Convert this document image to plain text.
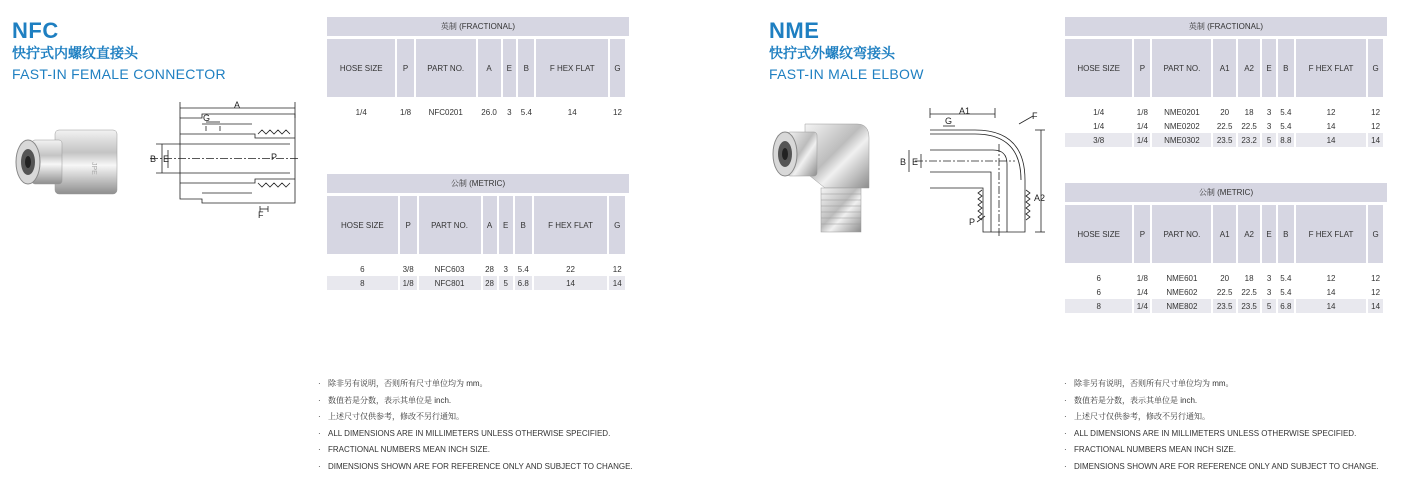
NFC
快拧式内螺纹直接头
FAST-IN FEMALE CONNECTOR
JPE
A
G
B E	P
F
英制 (FRACTIONAL)
HOSE SIZE	P	PART NO.	A	E	B	F HEX FLAT	G

1/4	1/8	NFC0201	26.0	3	5.4	14	12
公制 (METRIC)
HOSE SIZE	P	PART NO.	A	E	B	F HEX FLAT	G

6	3/8	NFC603	28	3	5.4	22	12
8	1/8	NFC801	28	5	6.8	14	14
· 除非另有说明，否则所有尺寸单位均为 mm。
· 数值若是分数，表示其单位是 inch.
· 上述尺寸仅供参考，修改不另行通知。
· ALL DIMENSIONS ARE IN MILLIMETERS UNLESS OTHERWISE SPECIFIED.
· FRACTIONAL NUMBERS MEAN INCH SIZE.
· DIMENSIONS SHOWN ARE FOR REFERENCE ONLY AND SUBJECT TO CHANGE.
NME
快拧式外螺纹弯接头
FAST-IN MALE ELBOW
A1
A2
G
B E
P
F
英制 (FRACTIONAL)
HOSE SIZE	P	PART NO.	A1	A2	E	B	F HEX FLAT	G

1/4	1/8	NME0201	20	18	3	5.4	12	12
1/4	1/4	NME0202	22.5	22.5	3	5.4	14	12
3/8	1/4	NME0302	23.5	23.2	5	8.8	14	14
公制 (METRIC)
HOSE SIZE	P	PART NO.	A1	A2	E	B	F HEX FLAT	G

6	1/8	NME601	20	18	3	5.4	12	12
6	1/4	NME602	22.5	22.5	3	5.4	14	12
8	1/4	NME802	23.5	23.5	5	6.8	14	14
· 除非另有说明，否则所有尺寸单位均为 mm。
· 数值若是分数，表示其单位是 inch.
· 上述尺寸仅供参考，修改不另行通知。
· ALL DIMENSIONS ARE IN MILLIMETERS UNLESS OTHERWISE SPECIFIED.
· FRACTIONAL NUMBERS MEAN INCH SIZE.
· DIMENSIONS SHOWN ARE FOR REFERENCE ONLY AND SUBJECT TO CHANGE.
